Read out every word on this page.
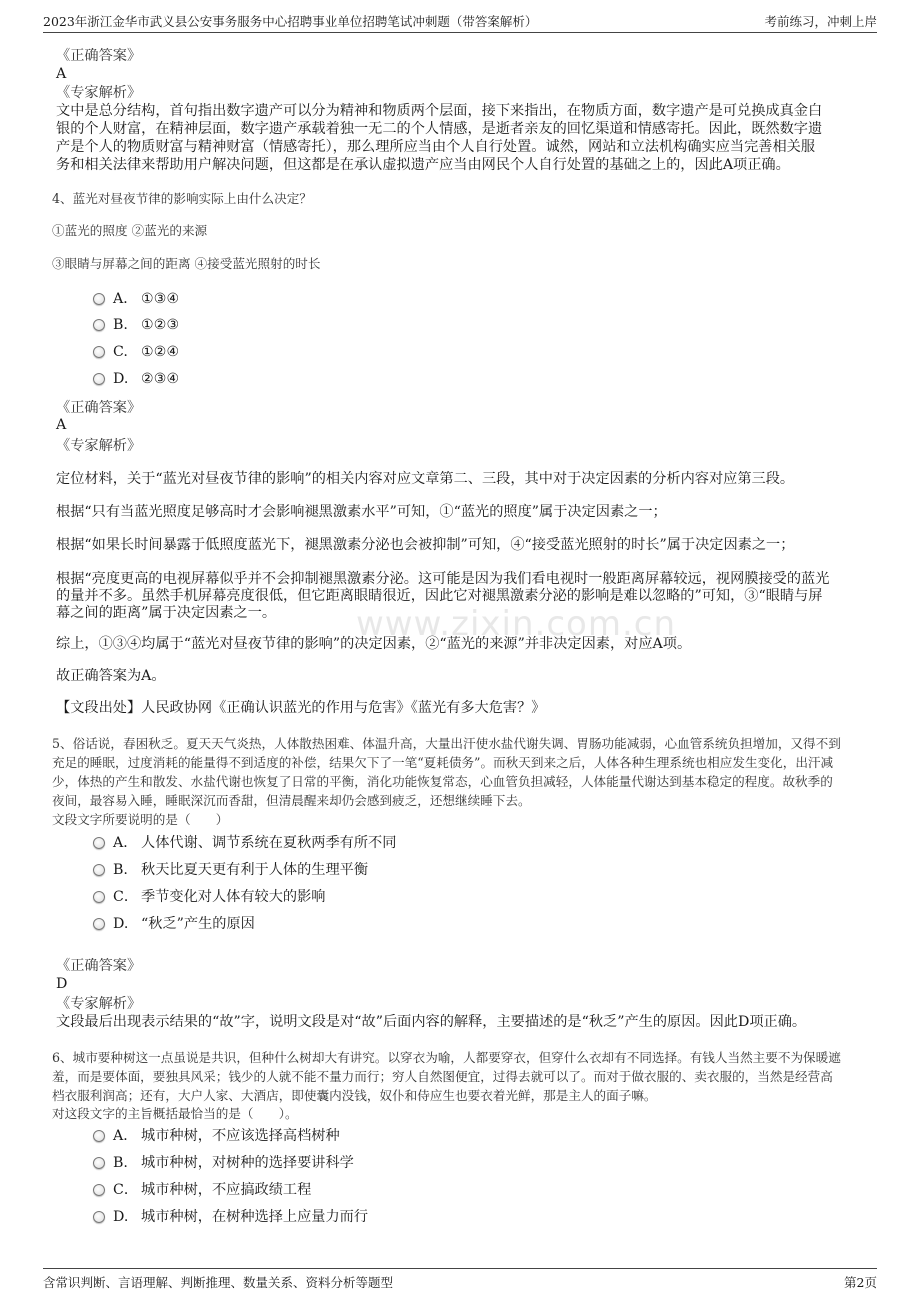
2023年浙江金华市武义县公安事务服务中心招聘事业单位招聘笔试冲刺题（带答案解析）	考前练习，冲刺上岸
www.zixin.com.cn
《正确答案》
A
《专家解析》
文中是总分结构，首句指出数字遗产可以分为精神和物质两个层面，接下来指出，在物质方面，数字遗产是可兑换成真金白
银的个人财富，在精神层面，数字遗产承载着独一无二的个人情感，是逝者亲友的回忆渠道和情感寄托。因此，既然数字遗
产是个人的物质财富与精神财富（情感寄托），那么理所应当由个人自行处置。诚然，网站和立法机构确实应当完善相关服
务和相关法律来帮助用户解决问题，但这都是在承认虚拟遗产应当由网民个人自行处置的基础之上的，因此A项正确。
4、蓝光对昼夜节律的影响实际上由什么决定？
①蓝光的照度 ②蓝光的来源
③眼睛与屏幕之间的距离 ④接受蓝光照射的时长
A． ①③④
B. ①②③
C. ①②④
D. ②③④
《正确答案》
A
《专家解析》
定位材料，关于“蓝光对昼夜节律的影响”的相关内容对应文章第二、三段，其中对于决定因素的分析内容对应第三段。
根据“只有当蓝光照度足够高时才会影响褪黑激素水平”可知，①“蓝光的照度”属于决定因素之一；
根据“如果长时间暴露于低照度蓝光下，褪黑激素分泌也会被抑制”可知，④“接受蓝光照射的时长”属于决定因素之一；
根据“亮度更高的电视屏幕似乎并不会抑制褪黑激素分泌。这可能是因为我们看电视时一般距离屏幕较远，视网膜接受的蓝光
的量并不多。虽然手机屏幕亮度很低，但它距离眼睛很近，因此它对褪黑激素分泌的影响是难以忽略的”可知，③“眼睛与屏
幕之间的距离”属于决定因素之一。
综上，①③④均属于“蓝光对昼夜节律的影响”的决定因素，②“蓝光的来源”并非决定因素，对应A项。
故正确答案为A。
【文段出处】人民政协网《正确认识蓝光的作用与危害》《蓝光有多大危害？》
5、俗话说，春困秋乏。夏天天气炎热，人体散热困难、体温升高，大量出汗使水盐代谢失调、胃肠功能减弱，心血管系统负担增加，又得不到
充足的睡眠，过度消耗的能量得不到适度的补偿，结果欠下了一笔“夏耗债务”。而秋天到来之后，人体各种生理系统也相应发生变化，出汗减
少，体热的产生和散发、水盐代谢也恢复了日常的平衡，消化功能恢复常态，心血管负担减轻，人体能量代谢达到基本稳定的程度。故秋季的
夜间，最容易入睡，睡眠深沉而香甜，但清晨醒来却仍会感到疲乏，还想继续睡下去。
文段文字所要说明的是（　　）
A． 人体代谢、调节系统在夏秋两季有所不同
B. 秋天比夏天更有利于人体的生理平衡
C． 季节变化对人体有较大的影响
D. “秋乏”产生的原因
《正确答案》
D
《专家解析》
文段最后出现表示结果的“故”字，说明文段是对“故”后面内容的解释，主要描述的是“秋乏”产生的原因。因此D项正确。
6、城市要种树这一点虽说是共识，但种什么树却大有讲究。以穿衣为喻，人都要穿衣，但穿什么衣却有不同选择。有钱人当然主要不为保暖遮
羞，而是要体面，要独具风采；钱少的人就不能不量力而行；穷人自然图便宜，过得去就可以了。而对于做衣服的、卖衣服的，当然是经营高
档衣服利润高；还有，大户人家、大酒店，即使囊内没钱，奴仆和侍应生也要衣着光鲜，那是主人的面子嘛。
对这段文字的主旨概括最恰当的是（　　）。
A． 城市种树，不应该选择高档树种
B. 城市种树，对树种的选择要讲科学
C． 城市种树，不应搞政绩工程
D. 城市种树，在树种选择上应量力而行
含常识判断、言语理解、判断推理、数量关系、资料分析等题型	第2页
